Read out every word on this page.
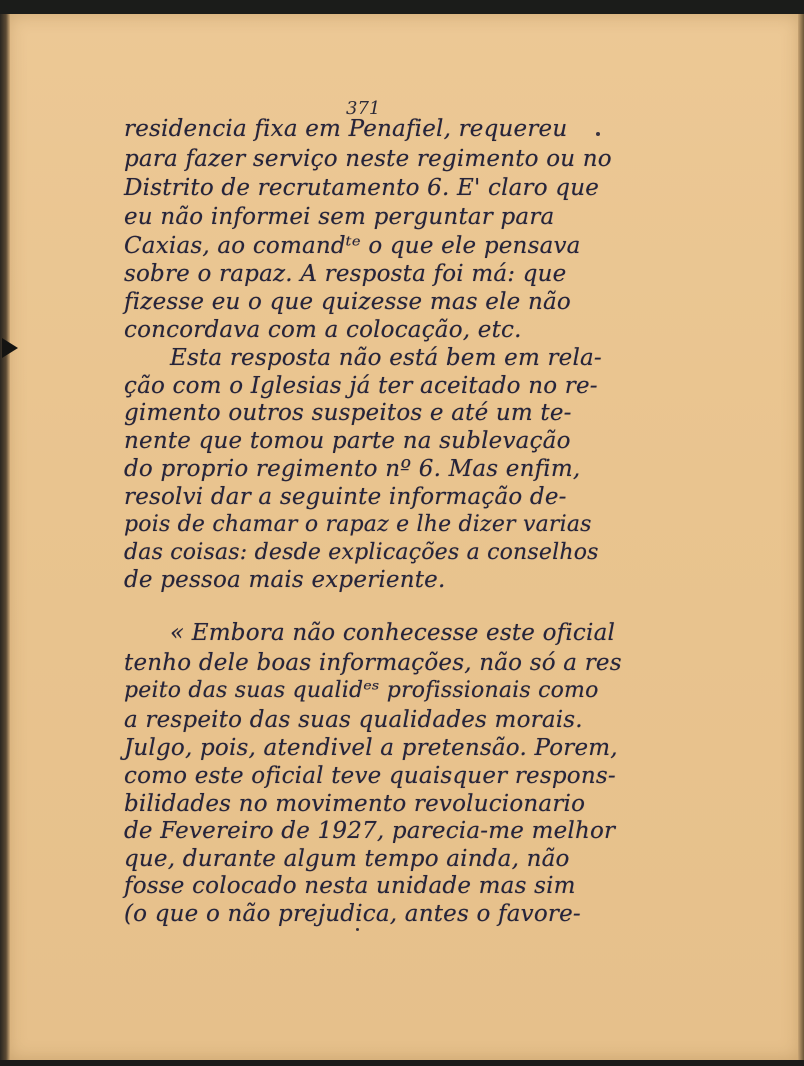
371
residencia fixa em Penafiel, requereu
para fazer serviço neste regimento ou no
Distrito de recrutamento 6. E' claro que
eu não informei sem perguntar para
Caxias, ao comandᵗᵉ o que ele pensava
sobre o rapaz. A resposta foi má: que
fizesse eu o que quizesse mas ele não
concordava com a colocação, etc.
Esta resposta não está bem em rela-
ção com o Iglesias já ter aceitado no re-
gimento outros suspeitos e até um te-
nente que tomou parte na sublevação
do proprio regimento nº 6. Mas enfim,
resolvi dar a seguinte informação de-
pois de chamar o rapaz e lhe dizer varias
das coisas: desde explicações a conselhos
de pessoa mais experiente.
« Embora não conhecesse este oficial
tenho dele boas informações, não só a res
peito das suas qualidᵉˢ profissionais como
a respeito das suas qualidades morais.
Julgo, pois, atendivel a pretensão. Porem,
como este oficial teve quaisquer respons-
bilidades no movimento revolucionario
de Fevereiro de 1927, parecia-me melhor
que, durante algum tempo ainda, não
fosse colocado nesta unidade mas sim
(o que o não prejudica, antes o favore-
